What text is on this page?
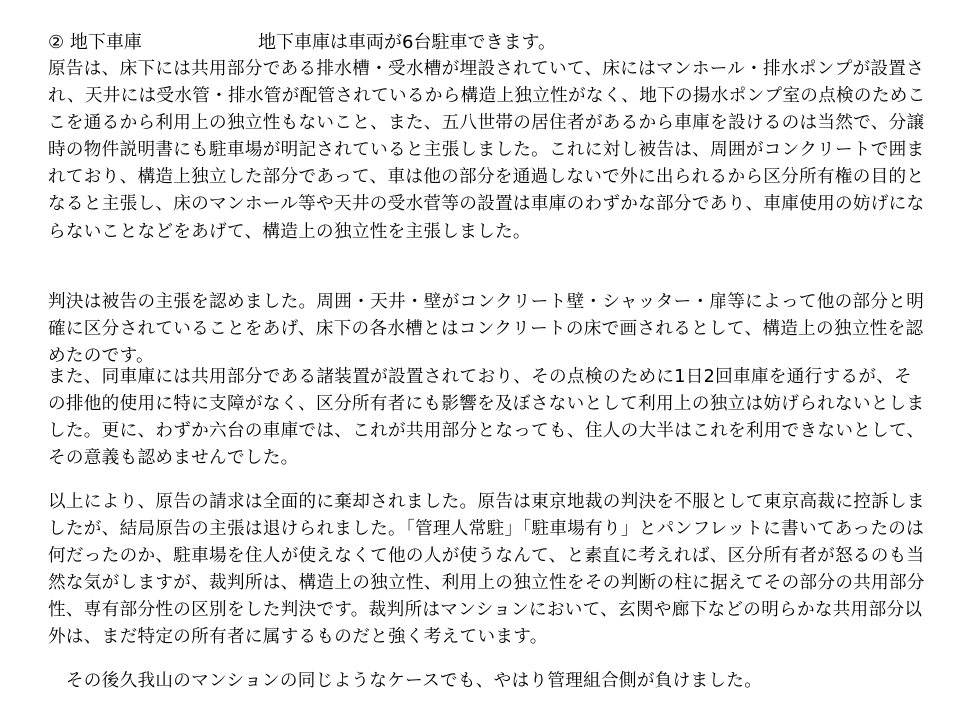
② 地下車庫	地下車庫は車両が6台駐車できます。

原告は、床下には共用部分である排水槽・受水槽が埋設されていて、床にはマンホール・排水ポンプが設置され、天井には受水管・排水管が配管されているから構造上独立性がなく、地下の揚水ポンプ室の点検のためここを通るから利用上の独立性もないこと、また、五八世帯の居住者があるから車庫を設けるのは当然で、分譲時の物件説明書にも駐車場が明記されていると主張しました。これに対し被告は、周囲がコンクリートで囲まれており、構造上独立した部分であって、車は他の部分を通過しないで外に出られるから区分所有権の目的となると主張し、床のマンホール等や天井の受水菅等の設置は車庫のわずかな部分であり、車庫使用の妨げにならないことなどをあげて、構造上の独立性を主張しました。

判決は被告の主張を認めました。周囲・天井・壁がコンクリート壁・シャッター・扉等によって他の部分と明確に区分されていることをあげ、床下の各水槽とはコンクリートの床で画されるとして、構造上の独立性を認めたのです。

また、同車庫には共用部分である諸装置が設置されており、その点検のために1日2回車庫を通行するが、その排他的使用に特に支障がなく、区分所有者にも影響を及ぼさないとして利用上の独立は妨げられないとしました。更に、わずか六台の車庫では、これが共用部分となっても、住人の大半はこれを利用できないとして、その意義も認めませんでした。

以上により、原告の請求は全面的に棄却されました。原告は東京地裁の判決を不服として東京高裁に控訴しましたが、結局原告の主張は退けられました。「管理人常駐」「駐車場有り」とパンフレットに書いてあったのは何だったのか、駐車場を住人が使えなくて他の人が使うなんて、と素直に考えれば、区分所有者が怒るのも当然な気がしますが、裁判所は、構造上の独立性、利用上の独立性をその判断の柱に据えてその部分の共用部分性、専有部分性の区別をした判決です。裁判所はマンションにおいて、玄関や廊下などの明らかな共用部分以外は、まだ特定の所有者に属するものだと強く考えています。

　その後久我山のマンションの同じようなケースでも、やはり管理組合側が負けました。
